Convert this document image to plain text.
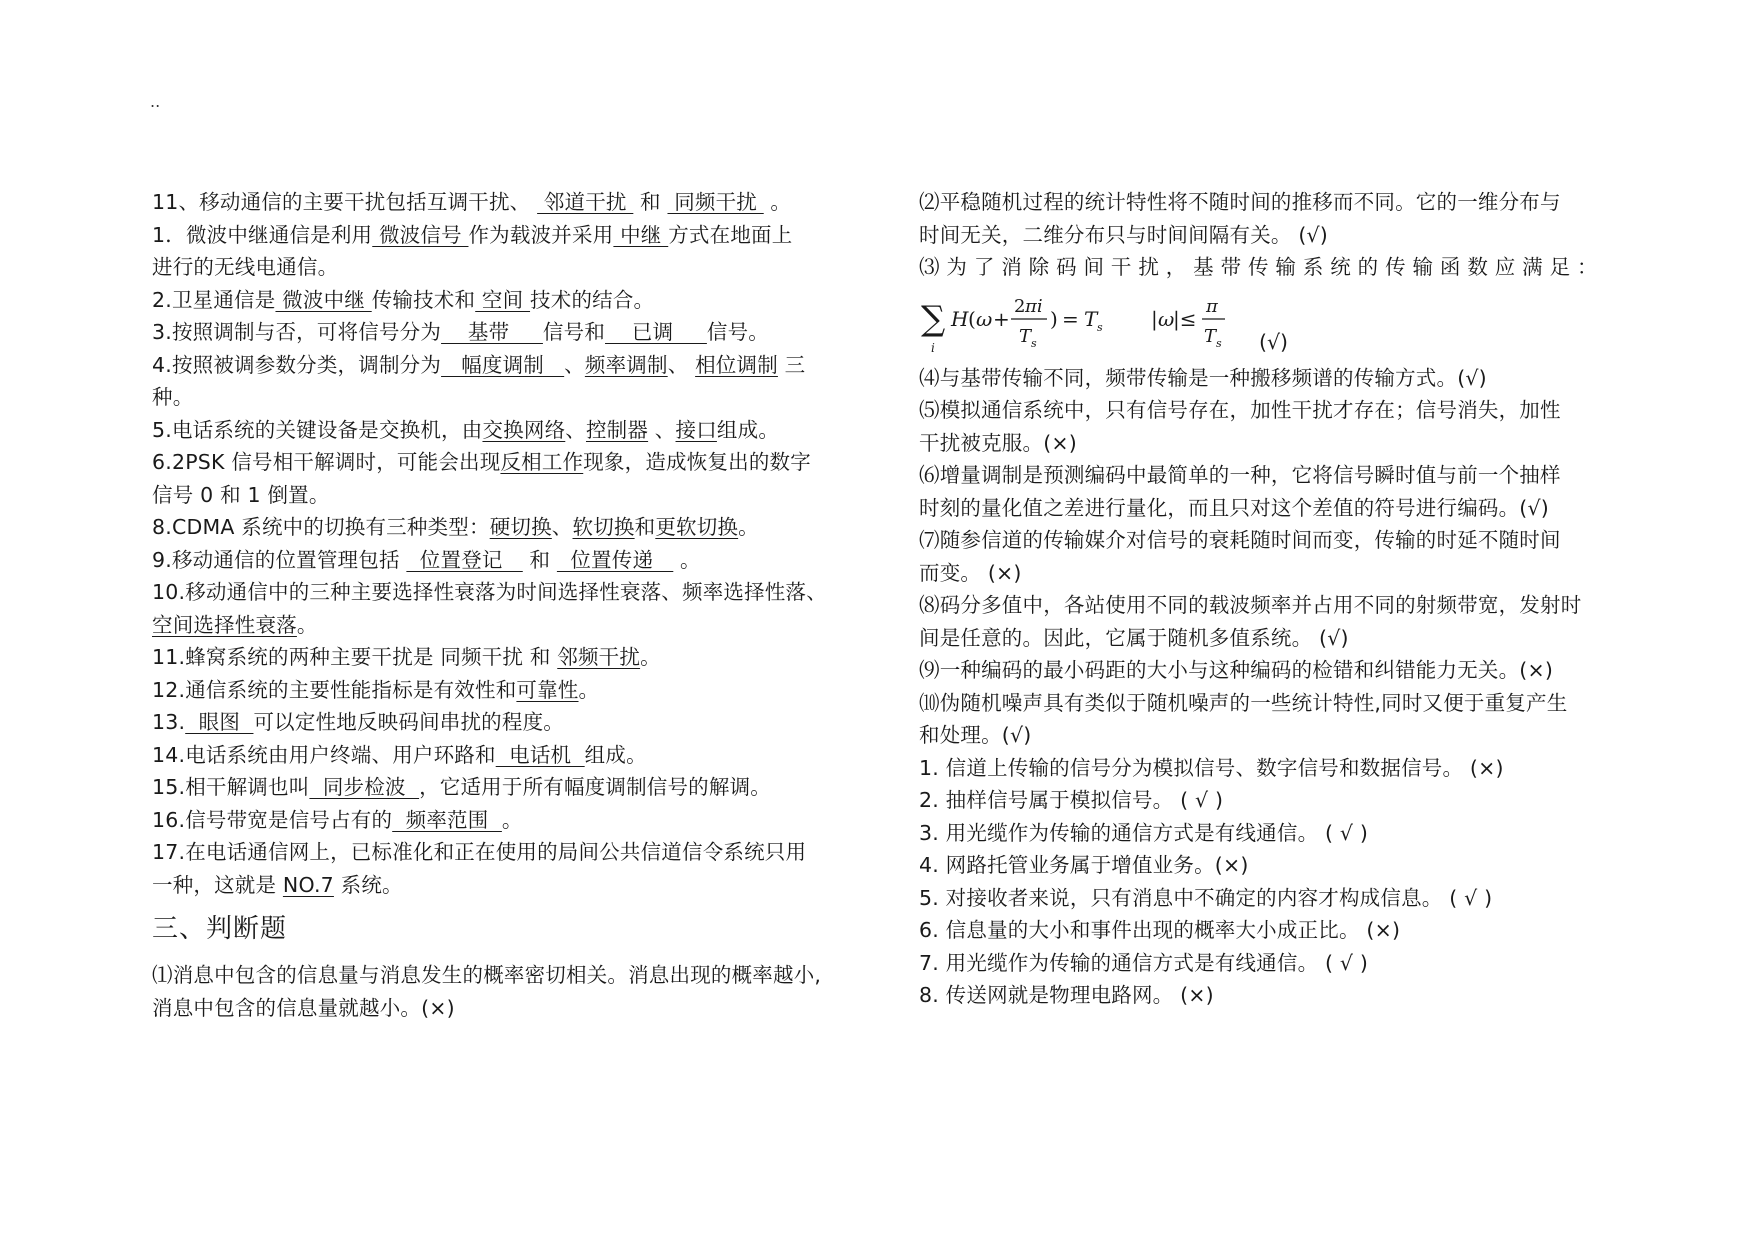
..
11、移动通信的主要干扰包括互调干扰、  邻道干扰  和  同频干扰  。
1．微波中继通信是利用 微波信号 作为载波并采用 中继 方式在地面上
进行的无线电通信。
2.卫星通信是 微波中继 传输技术和 空间 技术的结合。
3.按照调制与否，可将信号分为    基带     信号和    已调     信号。
4.按照被调参数分类，调制分为   幅度调制   、频率调制、 相位调制 三
种。
5.电话系统的关键设备是交换机，由交换网络、控制器 、接口组成。
6.2PSK 信号相干解调时，可能会出现反相工作现象，造成恢复出的数字
信号 0 和 1 倒置。
8.CDMA 系统中的切换有三种类型：硬切换、软切换和更软切换。
9.移动通信的位置管理包括   位置登记    和   位置传递    。
10.移动通信中的三种主要选择性衰落为时间选择性衰落、频率选择性落、
空间选择性衰落。
11.蜂窝系统的两种主要干扰是 同频干扰 和 邻频干扰。
12.通信系统的主要性能指标是有效性和可靠性。
13.  眼图  可以定性地反映码间串扰的程度。
14.电话系统由用户终端、用户环路和  电话机  组成。
15.相干解调也叫  同步检波  ，它适用于所有幅度调制信号的解调。
16.信号带宽是信号占有的  频率范围  。
17.在电话通信网上，已标准化和正在使用的局间公共信道信令系统只用
一种，这就是 NO.7 系统。
三、判断题
⑴消息中包含的信息量与消息发生的概率密切相关。消息出现的概率越小,
消息中包含的信息量就越小。(×)
⑵平稳随机过程的统计特性将不随时间的推移而不同。它的一维分布与
时间无关，二维分布只与时间间隔有关。 (√)
⑶ 为 了 消 除 码 间 干 扰 ， 基 带 传 输 系 统 的 传 输 函 数 应 满 足 ：
∑
i
H ( ω +
2 πi
T s
) = T s | ω
|≤
π
T s (√)
⑷与基带传输不同，频带传输是一种搬移频谱的传输方式。(√)
⑸模拟通信系统中，只有信号存在，加性干扰才存在；信号消失，加性
干扰被克服。(×)
⑹增量调制是预测编码中最简单的一种，它将信号瞬时值与前一个抽样
时刻的量化值之差进行量化，而且只对这个差值的符号进行编码。(√)
⑺随参信道的传输媒介对信号的衰耗随时间而变，传输的时延不随时间
而变。 (×)
⑻码分多值中，各站使用不同的载波频率并占用不同的射频带宽，发射时
间是任意的。因此，它属于随机多值系统。 (√)
⑼一种编码的最小码距的大小与这种编码的检错和纠错能力无关。(×)
⑽伪随机噪声具有类似于随机噪声的一些统计特性,同时又便于重复产生
和处理。(√)
1. 信道上传输的信号分为模拟信号、数字信号和数据信号。 (×)
2. 抽样信号属于模拟信号。 ( √ )
3. 用光缆作为传输的通信方式是有线通信。 ( √ )
4. 网路托管业务属于增值业务。(×)
5. 对接收者来说，只有消息中不确定的内容才构成信息。 ( √ )
6. 信息量的大小和事件出现的概率大小成正比。 (×)
7. 用光缆作为传输的通信方式是有线通信。 ( √ )
8. 传送网就是物理电路网。 (×)
